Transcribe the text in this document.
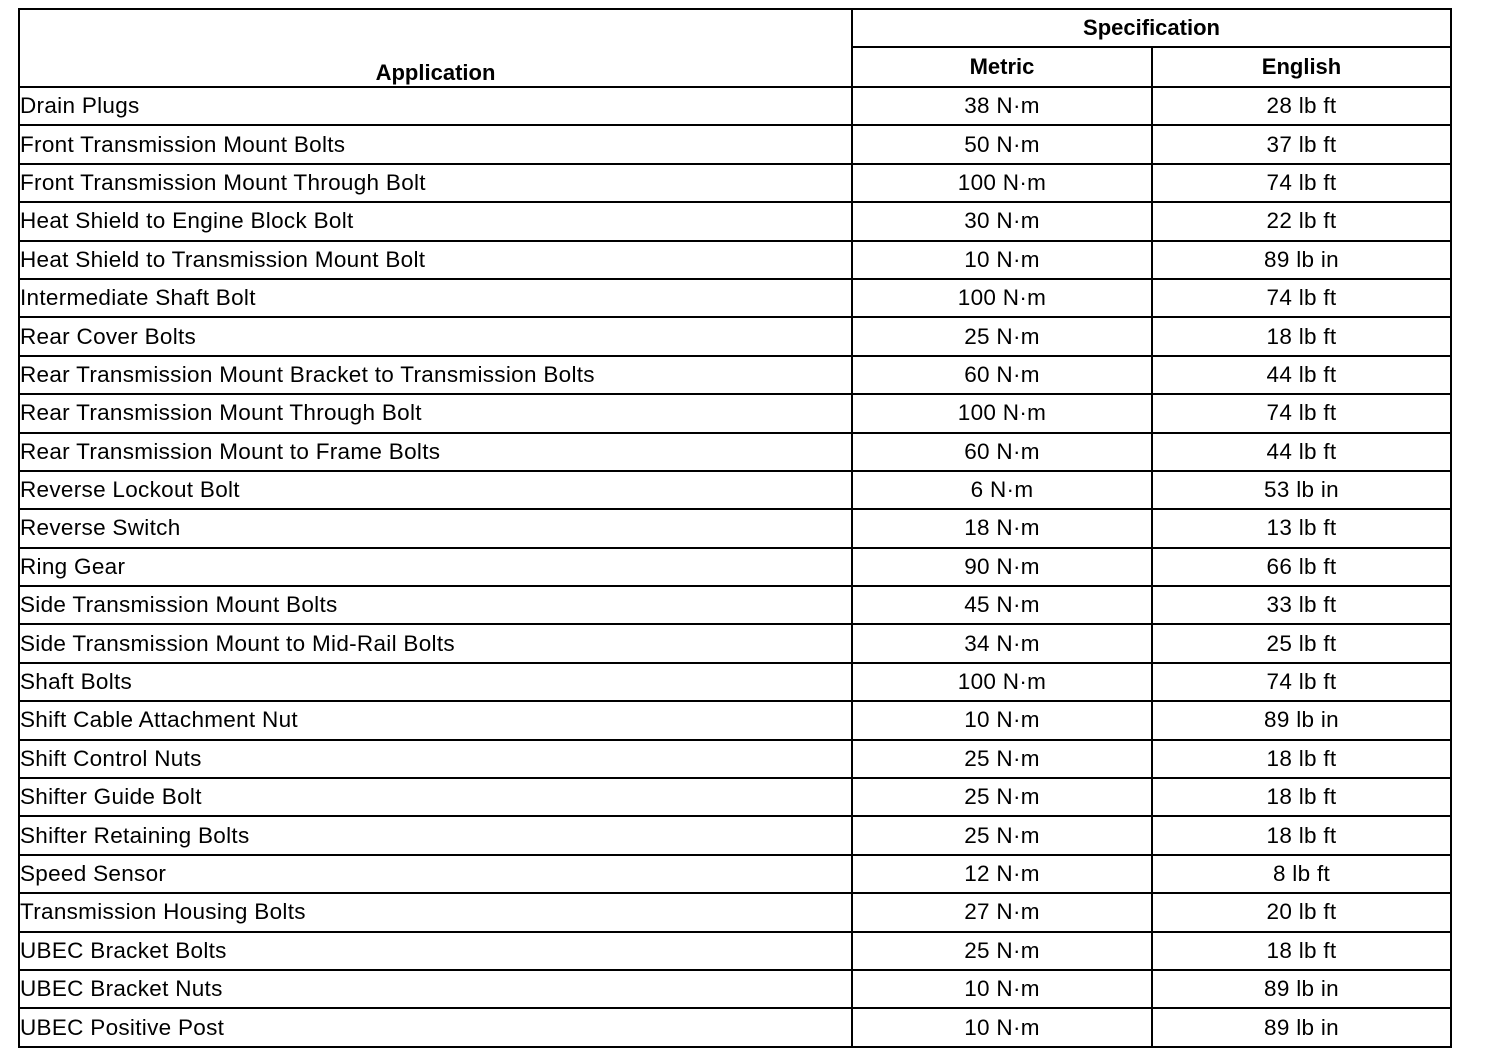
Application	Specification	
	Metric	English
Drain Plugs	38 N·m	28 lb ft
Front Transmission Mount Bolts	50 N·m	37 lb ft
Front Transmission Mount Through Bolt	100 N·m	74 lb ft
Heat Shield to Engine Block Bolt	30 N·m	22 lb ft
Heat Shield to Transmission Mount Bolt	10 N·m	89 lb in
Intermediate Shaft Bolt	100 N·m	74 lb ft
Rear Cover Bolts	25 N·m	18 lb ft
Rear Transmission Mount Bracket to Transmission Bolts	60 N·m	44 lb ft
Rear Transmission Mount Through Bolt	100 N·m	74 lb ft
Rear Transmission Mount to Frame Bolts	60 N·m	44 lb ft
Reverse Lockout Bolt	6 N·m	53 lb in
Reverse Switch	18 N·m	13 lb ft
Ring Gear	90 N·m	66 lb ft
Side Transmission Mount Bolts	45 N·m	33 lb ft
Side Transmission Mount to Mid-Rail Bolts	34 N·m	25 lb ft
Shaft Bolts	100 N·m	74 lb ft
Shift Cable Attachment Nut	10 N·m	89 lb in
Shift Control Nuts	25 N·m	18 lb ft
Shifter Guide Bolt	25 N·m	18 lb ft
Shifter Retaining Bolts	25 N·m	18 lb ft
Speed Sensor	12 N·m	8 lb ft
Transmission Housing Bolts	27 N·m	20 lb ft
UBEC Bracket Bolts	25 N·m	18 lb ft
UBEC Bracket Nuts	10 N·m	89 lb in
UBEC Positive Post	10 N·m	89 lb in
